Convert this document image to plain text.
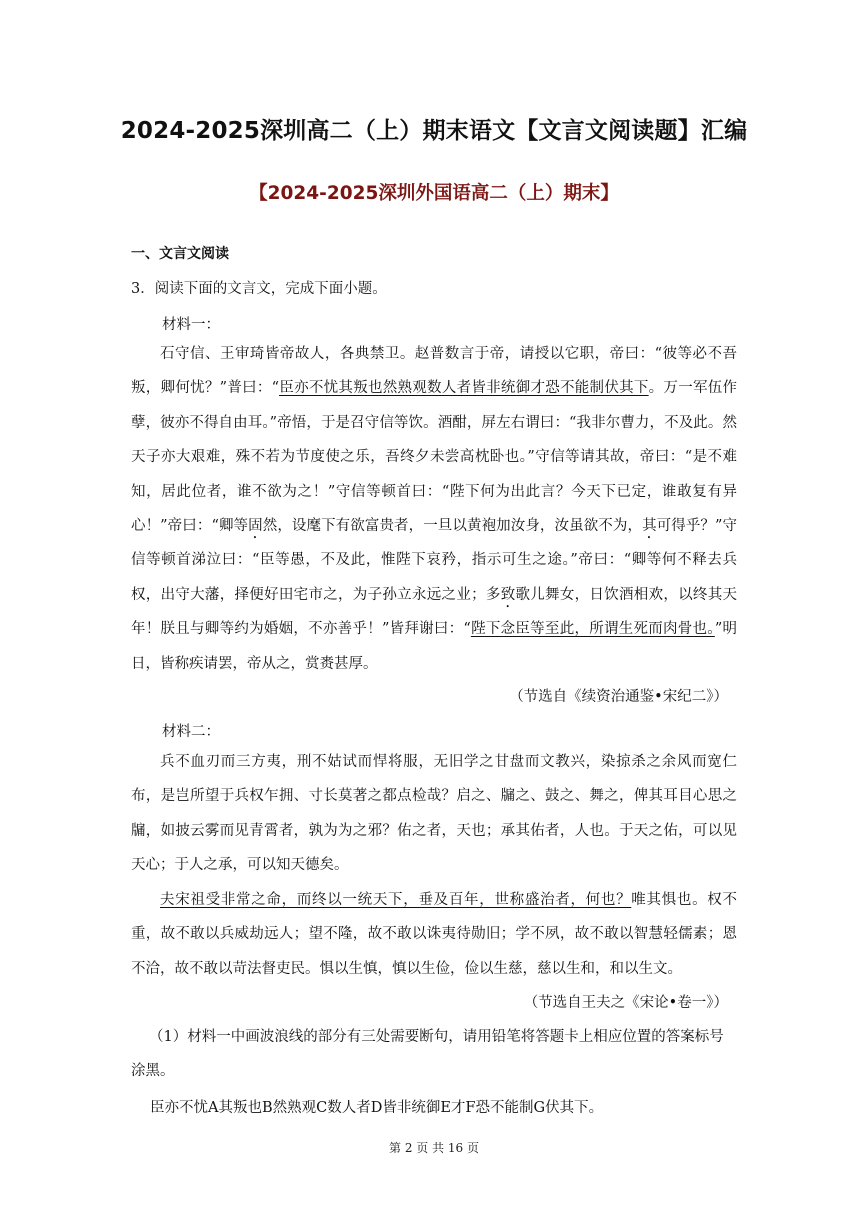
2024-2025深圳高二（上）期末语文【文言文阅读题】汇编
【2024-2025深圳外国语高二（上）期末】
一、文言文阅读
3．阅读下面的文言文，完成下面小题。
材料一：
石守信、王审琦皆帝故人，各典禁卫。赵普数言于帝，请授以它职，帝曰：“彼等必不吾叛，卿何忧？”普曰：“臣亦不忧其叛也然熟观数人者皆非统御才恐不能制伏其下。万一军伍作孽，彼亦不得自由耳。”帝悟，于是召守信等饮。酒酣，屏左右谓曰：“我非尔曹力，不及此。然天子亦大艰难，殊不若为节度使之乐，吾终夕未尝高枕卧也。”守信等请其故，帝曰：“是不难知，居此位者，谁不欲为之！”守信等顿首曰：“陛下何为出此言？今天下已定，谁敢复有异心！”帝曰：“卿等固然，设麾下有欲富贵者，一旦以黄袍加汝身，汝虽欲不为，其可得乎？”守信等顿首涕泣曰：“臣等愚，不及此，惟陛下哀矜，指示可生之途。”帝曰：“卿等何不释去兵权，出守大藩，择便好田宅市之，为子孙立永远之业；多致歌儿舞女，日饮酒相欢，以终其天年！朕且与卿等约为婚姻，不亦善乎！”皆拜谢曰：“陛下念臣等至此，所谓生死而肉骨也。”明日，皆称疾请罢，帝从之，赏赉甚厚。
（节选自《续资治通鉴•宋纪二》）
材料二：
兵不血刃而三方夷，刑不姑试而悍将服，无旧学之甘盘而文教兴，染掠杀之余风而宽仁布，是岂所望于兵权乍拥、寸长莫著之都点检哉？启之、牖之、鼓之、舞之，俾其耳目心思之牖，如披云雾而见青霄者，孰为为之邪？佑之者，天也；承其佑者，人也。于天之佑，可以见天心；于人之承，可以知天德矣。
夫宋祖受非常之命，而终以一统天下，垂及百年，世称盛治者，何也？唯其惧也。权不重，故不敢以兵威劫远人；望不隆，故不敢以诛夷待勋旧；学不夙，故不敢以智慧轻儒素；恩不洽，故不敢以苛法督吏民。惧以生慎，慎以生俭，俭以生慈，慈以生和，和以生文。
（节选自王夫之《宋论•卷一》）
（1）材料一中画波浪线的部分有三处需要断句，请用铅笔将答题卡上相应位置的答案标号涂黑。
臣亦不忧A其叛也B然熟观C数人者D皆非统御E才F恐不能制G伏其下。
第 2 页 共 16 页
